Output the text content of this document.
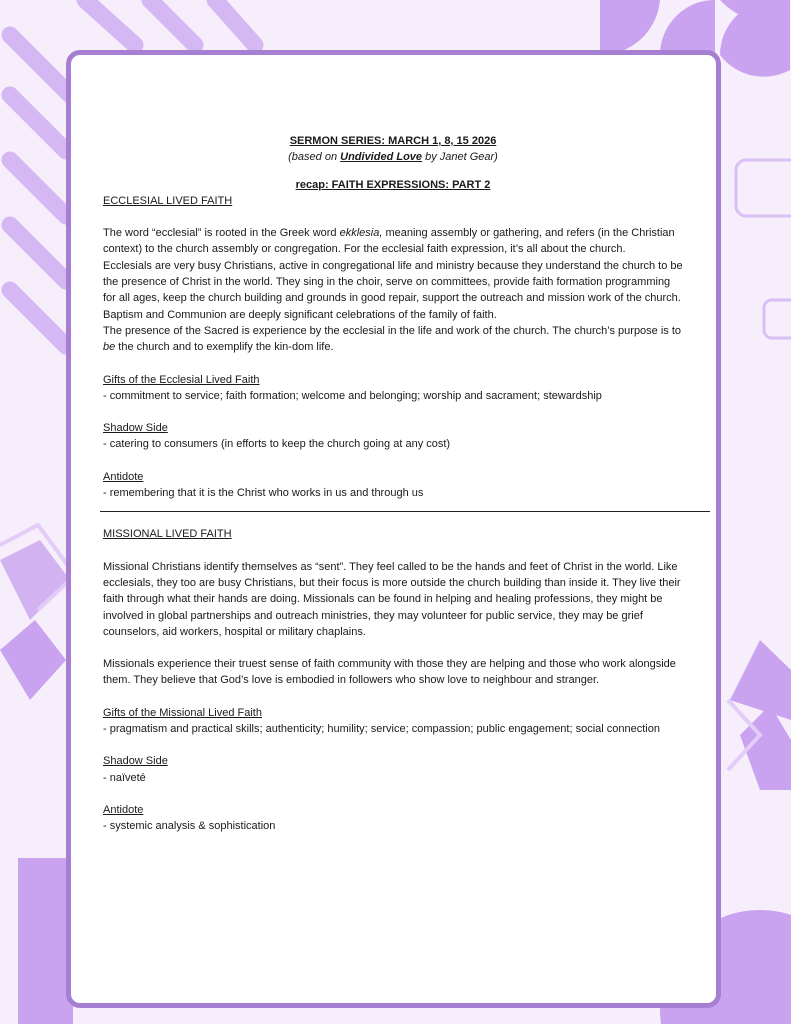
SERMON SERIES: MARCH 1, 8, 15 2026
(based on Undivided Love by Janet Gear)
recap: FAITH EXPRESSIONS: PART 2
ECCLESIAL LIVED FAITH

The word “ecclesial” is rooted in the Greek word ekklesia, meaning assembly or gathering, and refers (in the Christian context) to the church assembly or congregation. For the ecclesial faith expression, it’s all about the church.

Ecclesials are very busy Christians, active in congregational life and ministry because they understand the church to be the presence of Christ in the world. They sing in the choir, serve on committees, provide faith formation programming for all ages, keep the church building and grounds in good repair, support the outreach and mission work of the church. Baptism and Communion are deeply significant celebrations of the family of faith.

The presence of the Sacred is experience by the ecclesial in the life and work of the church. The church’s purpose is to be the church and to exemplify the kin-dom life.

Gifts of the Ecclesial Lived Faith

- commitment to service; faith formation; welcome and belonging; worship and sacrament; stewardship

Shadow Side

- catering to consumers (in efforts to keep the church going at any cost)

Antidote

- remembering that it is the Christ who works in us and through us

MISSIONAL LIVED FAITH

Missional Christians identify themselves as “sent”. They feel called to be the hands and feet of Christ in the world. Like ecclesials, they too are busy Christians, but their focus is more outside the church building than inside it. They live their faith through what their hands are doing. Missionals can be found in helping and healing professions, they might be involved in global partnerships and outreach ministries, they may volunteer for public service, they may be grief counselors, aid workers, hospital or military chaplains.

Missionals experience their truest sense of faith community with those they are helping and those who work alongside them. They believe that God’s love is embodied in followers who show love to neighbour and stranger.

Gifts of the Missional Lived Faith

- pragmatism and practical skills; authenticity; humility; service; compassion; public engagement; social connection

Shadow Side

- naïveté

Antidote

- systemic analysis & sophistication
